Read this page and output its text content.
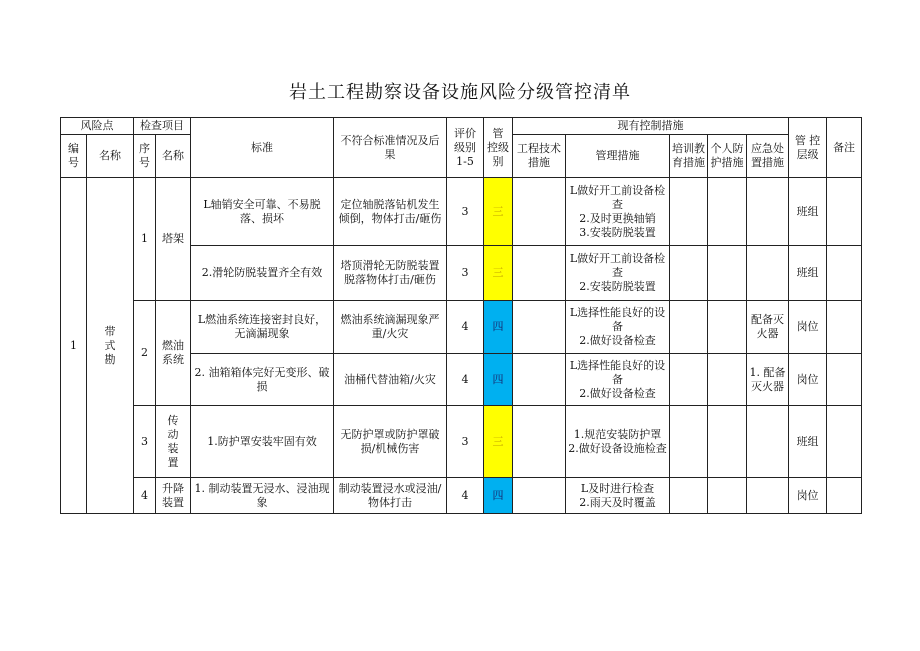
岩土工程勘察设备设施风险分级管控清单
风险点		检查项目		标准	不符合标准情况及后果	评价级别 1-5	管 控级别	现有控制措施					管 控层级	备注
编号	名称	序号	名称					工程技术措施	管理措施	培训教育措施	个人防护措施	应急处置措施		
1	带式勘	1	塔架	L轴销安全可靠、不易脱落、损坏	定位轴脱落钻机发生倾倒，物体打击/砸伤	3	三		L做好开工前设备检查
2.及时更换轴销
3.安装防脱装置				班组	
				2.滑轮防脱装置齐全有效	塔顶滑轮无防脱装置脱落物体打击/砸伤	3	三		L做好开工前设备检查
2.安装防脱装置				班组	
		2	燃油系统	L燃油系统连接密封良好，无滴漏现象	燃油系统滴漏现象严重/火灾	4	四		L选择性能良好的设备
2.做好设备检查			配备灭火器	岗位	
				2. 油箱箱体完好无变形、破损	油桶代替油箱/火灾	4	四		L选择性能良好的设备
2.做好设备检查			1. 配备灭火器	岗位	
		3	传动装置	1.防护罩安装牢固有效	无防护罩或防护罩破损/机械伤害	3	三		1.规范安装防护罩
2.做好设备设施检查				班组	
		4	升降装置	1. 制动装置无浸水、浸油现象	制动装置浸水或浸油/物体打击	4	四		L及时进行检查
2.雨天及时覆盖				岗位	
